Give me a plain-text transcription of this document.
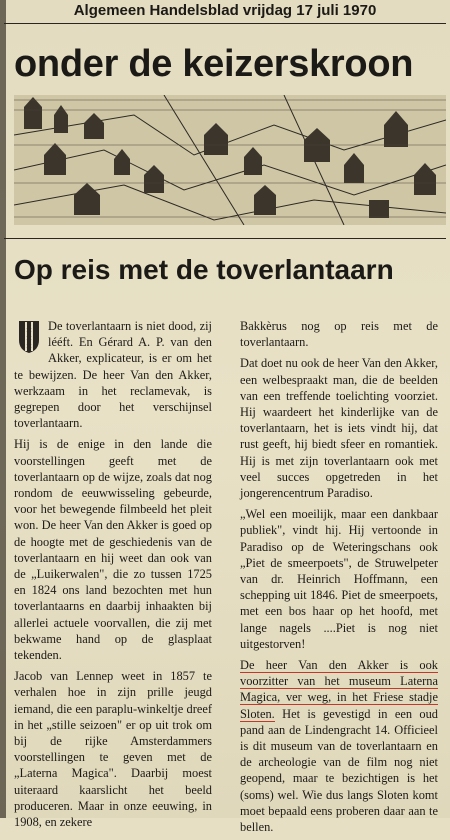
Algemeen Handelsblad vrijdag 17 juli 1970
onder de keizerskroon
Op reis met de toverlantaarn

De toverlantaarn is niet dood, zij lééft. En Gérard A. P. van den Akker, explicateur, is er om het te bewijzen. De heer Van den Akker, werkzaam in het reclamevak, is gegrepen door het verschijnsel toverlantaarn.

Hij is de enige in den lande die voorstellingen geeft met de toverlantaarn op de wijze, zoals dat nog rondom de eeuwwisseling gebeurde, voor het bewegende filmbeeld het pleit won. De heer Van den Akker is goed op de hoogte met de geschiedenis van de toverlantaarn en hij weet dan ook van de „Luikerwalen", die zo tussen 1725 en 1824 ons land bezochten met hun toverlantaarns en daarbij inhaakten bij allerlei actuele voorvallen, die zij met bekwame hand op de glasplaat tekenden.

Jacob van Lennep weet in 1857 te verhalen hoe in zijn prille jeugd iemand, die een paraplu-winkeltje dreef in het „stille seizoen" er op uit trok om bij de rijke Amsterdammers voorstellingen te geven met de „Laterna Magica". Daarbij moest uiteraard kaarslicht het beeld produceren. Maar in onze eeuwing, in 1908, en zekere

Bakkèrus nog op reis met de toverlantaarn.

Dat doet nu ook de heer Van den Akker, een welbespraakt man, die de beelden van een treffende toelichting voorziet. Hij waardeert het kinderlijke van de toverlantaarn, het is iets vindt hij, dat rust geeft, hij biedt sfeer en romantiek. Hij is met zijn toverlantaarn ook met veel succes opgetreden in het jongerencentrum Paradiso.

„Wel een moeilijk, maar een dankbaar publiek", vindt hij. Hij vertoonde in Paradiso op de Weteringschans ook „Piet de smeerpoets", de Struwelpeter van dr. Heinrich Hoffmann, een schepping uit 1846. Piet de smeerpoets, met een bos haar op het hoofd, met lange nagels ....Piet is nog niet uitgestorven!

De heer Van den Akker is ook voorzitter van het museum Laterna Magica, ver weg, in het Friese stadje Sloten. Het is gevestigd in een oud pand aan de Lindengracht 14. Officieel is dit museum van de toverlantaarn en de archeologie van de film nog niet geopend, maar te bezichtigen is het (soms) wel. Wie dus langs Sloten komt moet bepaald eens proberen daar aan te bellen.
